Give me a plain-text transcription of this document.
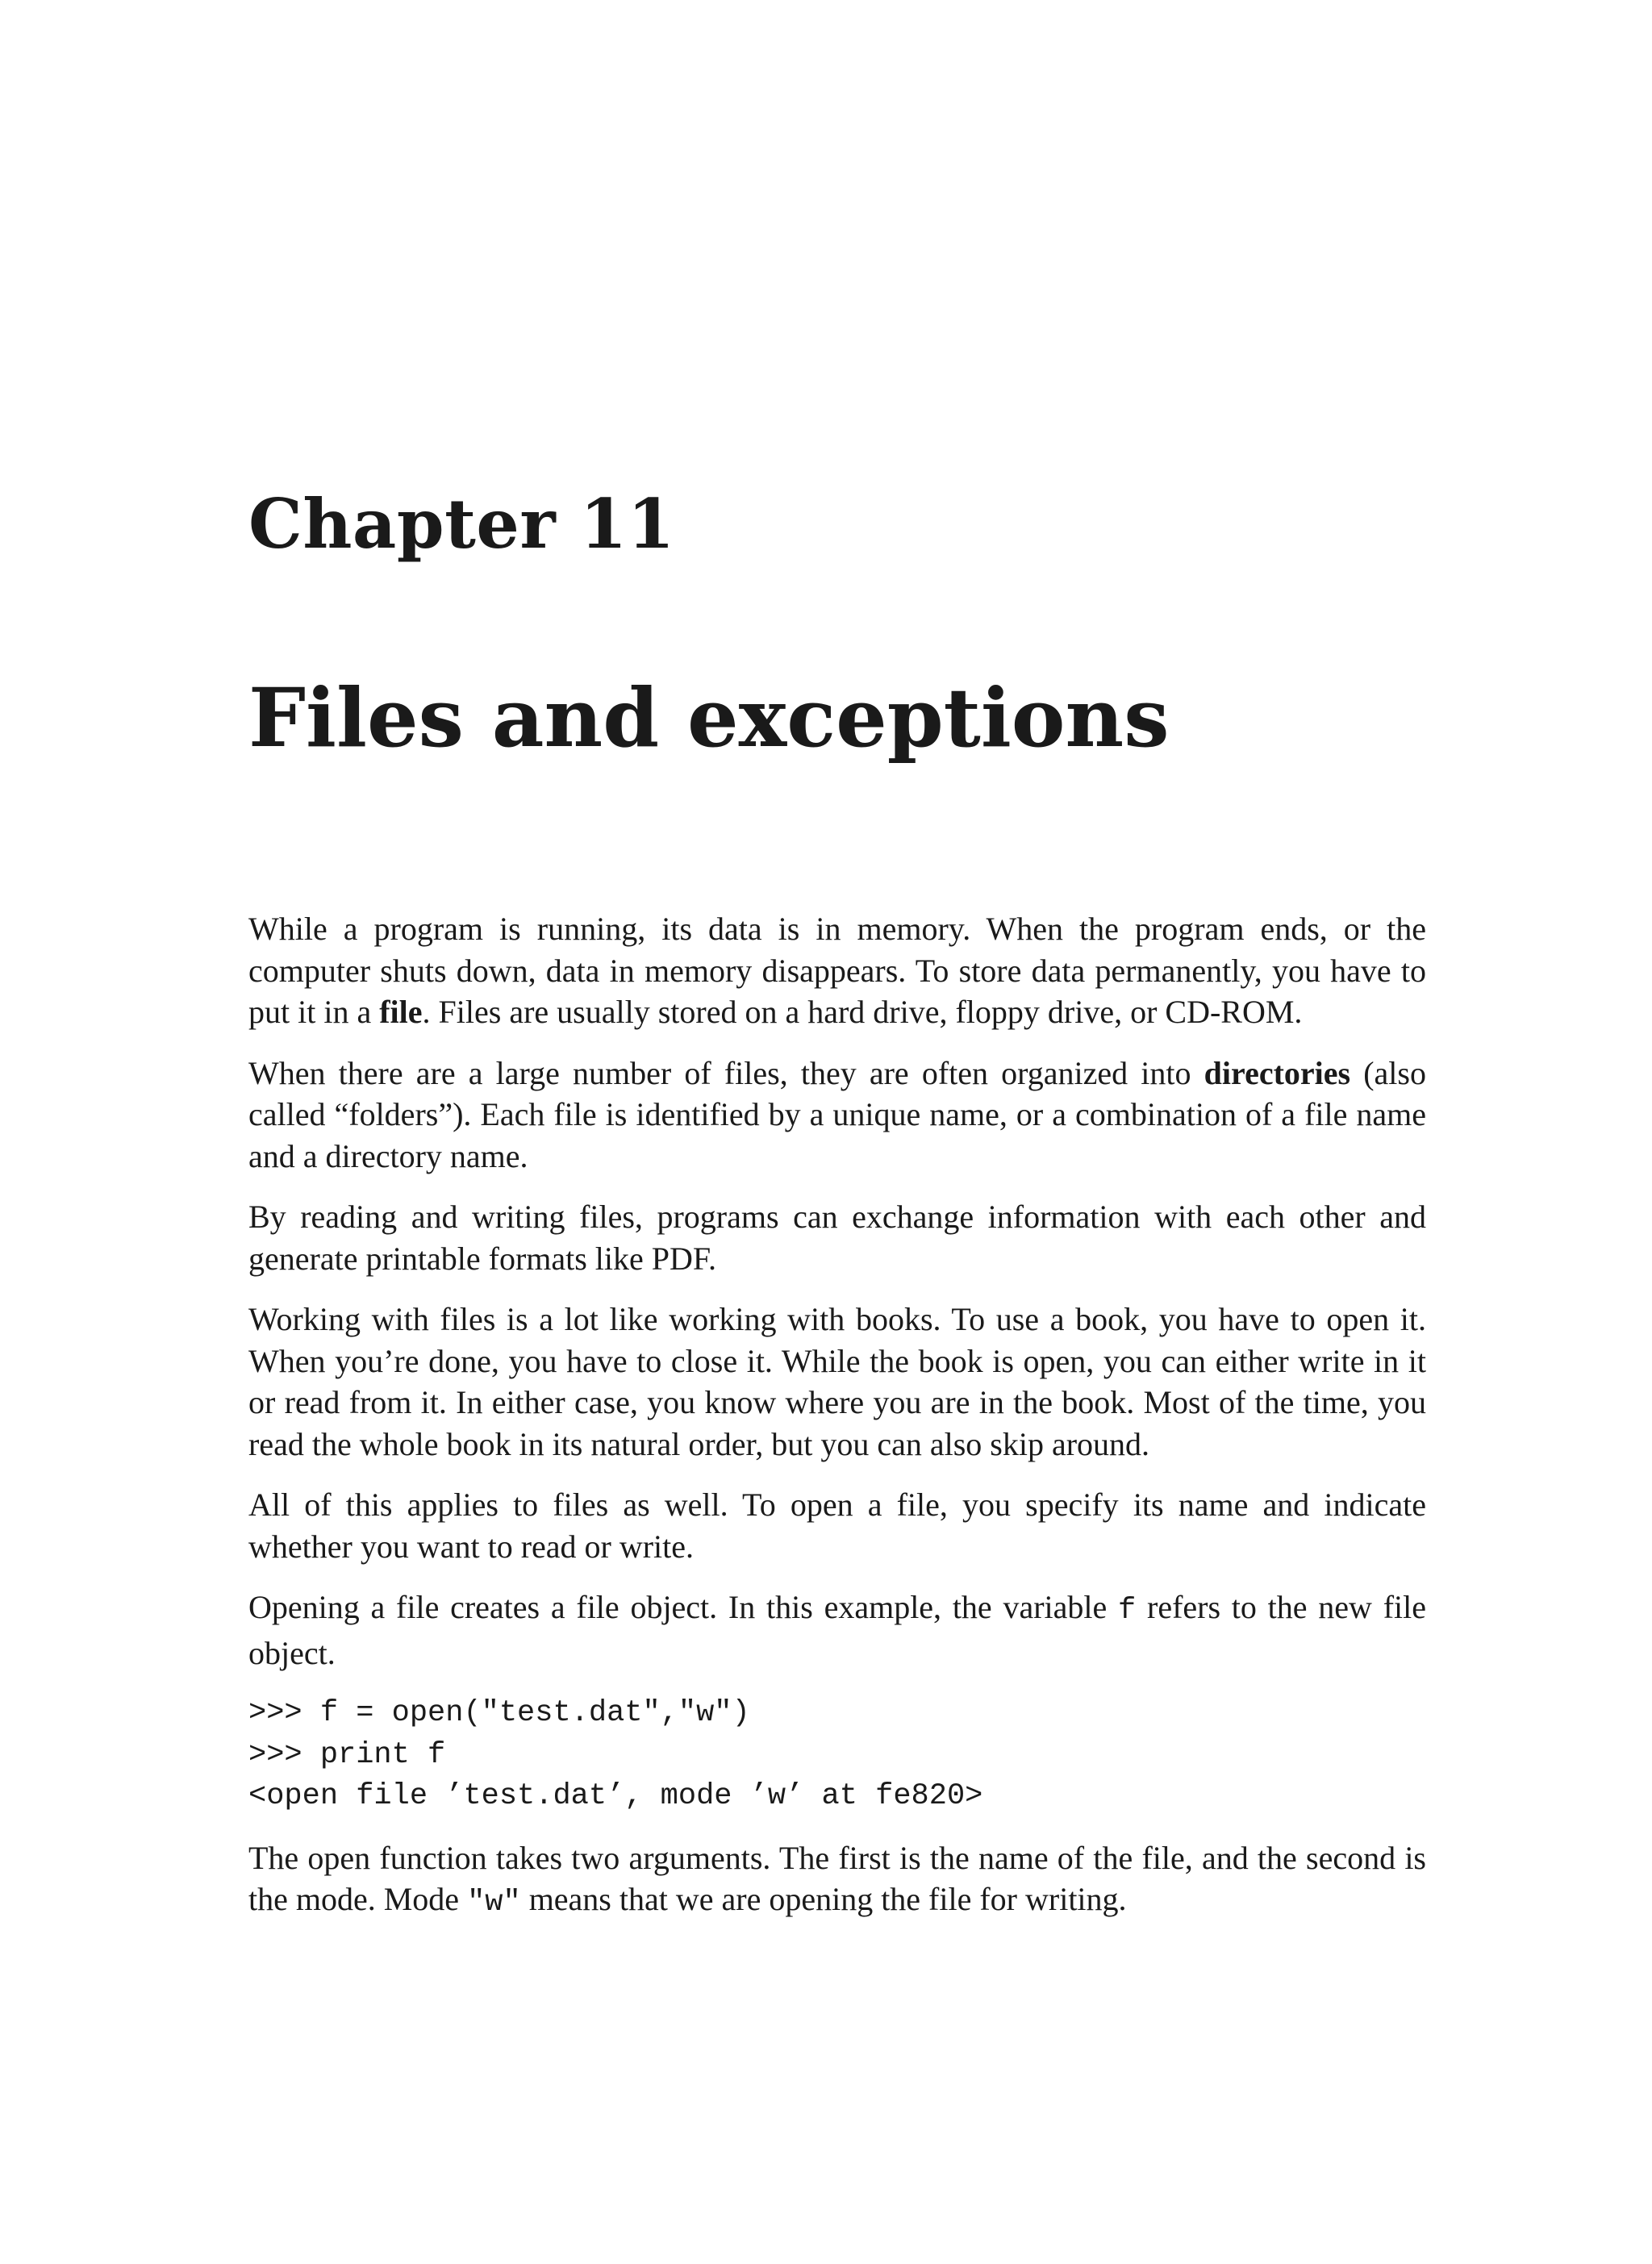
Chapter 11
Files and exceptions

While a program is running, its data is in memory. When the program ends, or the computer shuts down, data in memory disappears. To store data permanently, you have to put it in a file. Files are usually stored on a hard drive, floppy drive, or CD-ROM.

When there are a large number of files, they are often organized into directories (also called “folders”). Each file is identified by a unique name, or a combination of a file name and a directory name.

By reading and writing files, programs can exchange information with each other and generate printable formats like PDF.

Working with files is a lot like working with books. To use a book, you have to open it. When you’re done, you have to close it. While the book is open, you can either write in it or read from it. In either case, you know where you are in the book. Most of the time, you read the whole book in its natural order, but you can also skip around.

All of this applies to files as well. To open a file, you specify its name and indicate whether you want to read or write.

Opening a file creates a file object. In this example, the variable f refers to the new file object.

>>> f = open("test.dat","w")
>>> print f
<open file ’test.dat’, mode ’w’ at fe820>

The open function takes two arguments. The first is the name of the file, and the second is the mode. Mode "w" means that we are opening the file for writing.
